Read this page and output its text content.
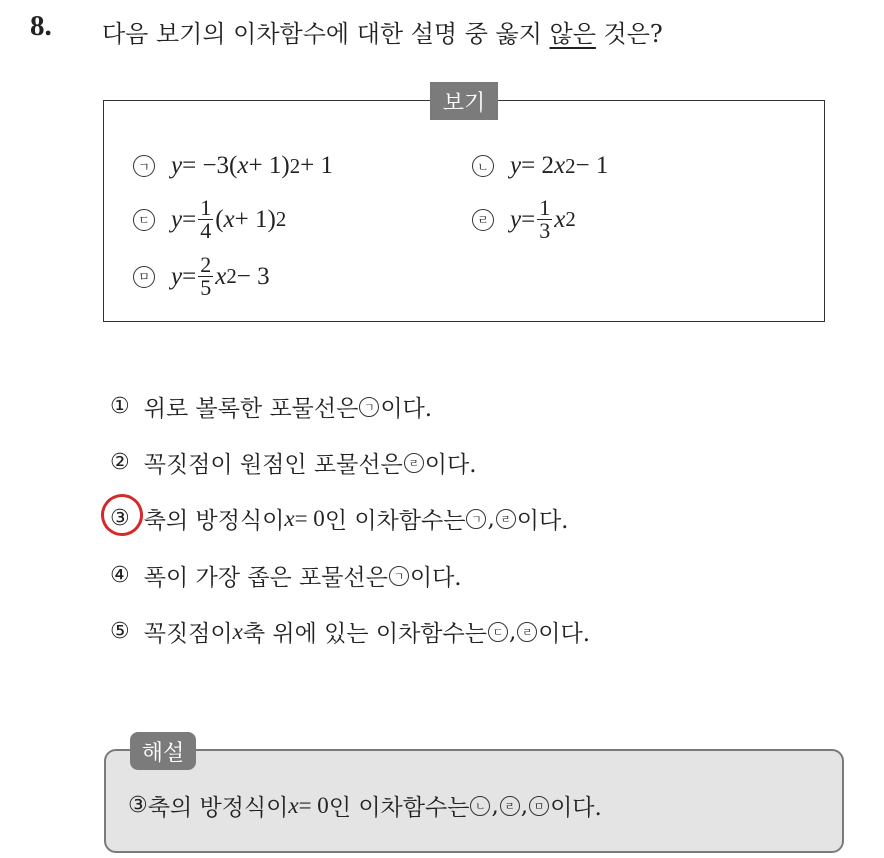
8. 다음 보기의 이차함수에 대한 설명 중 옳지 않은 것은?
보기
ㄱ y = −3( x + 1) 2 + 1	ㄴ y = 2 x 2 − 1
ㄷ $y = \frac{1}{4}$ ( x + 1) 2	ㄹ $y = \frac{1}{3}$ x 2
ㅁ $y = \frac{2}{5}$ x 2 − 3
① 위로 볼록한 포물선은 ㄱ 이다.
② 꼭짓점이 원점인 포물선은 ㄹ 이다.
③ 축의 방정식이 x = 0 인 이차함수는 ㄱ , ㄹ 이다.
④ 폭이 가장 좁은 포물선은 ㄱ 이다.
⑤ 꼭짓점이 x 축 위에 있는 이차함수는 ㄷ , ㄹ 이다.
해설
③ 축의 방정식이 x = 0 인 이차함수는 ㄴ , ㄹ , ㅁ 이다.
